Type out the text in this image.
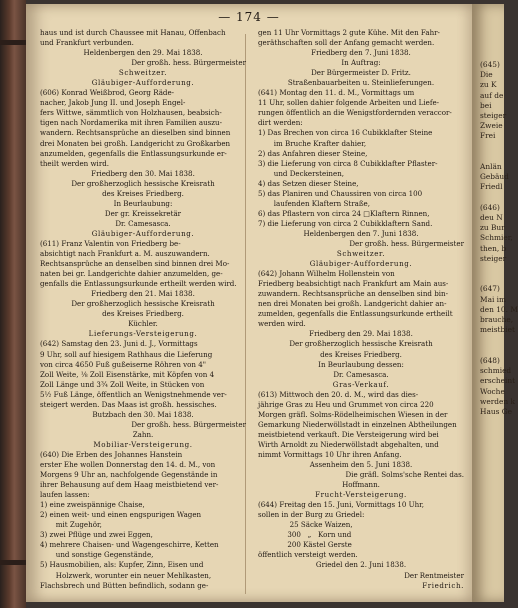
— 174 —

haus und ist durch Chaussee mit Hanau, Offenbach

und Frankfurt verbunden.

Heldenbergen den 29. Mai 1838.

Der großh. hess. Bürgermeister

Schweitzer.

Gläubiger-Aufforderung.

(606) Konrad Weißbrod, Georg Räde-

nacher, Jakob Jung II. und Joseph Engel-

fers Wittwe, sämmtlich von Holzhausen, beabsich-

tigen nach Nordamerika mit ihren Familien auszu-

wandern. Rechtsansprüche an dieselben sind binnen

drei Monaten bei großh. Landgericht zu Großkarben

anzumelden, gegenfalls die Entlassungsurkunde er-

theilt werden wird.

Friedberg den 30. Mai 1838.

Der großherzoglich hessische Kreisrath

des Kreises Friedberg.

In Beurlaubung:

Der gr. Kreissekretär

Dr. Camesasca.

Gläubiger-Aufforderung.

(611) Franz Valentin von Friedberg be-

absichtigt nach Frankfurt a. M. auszuwandern.

Rechtsansprüche an denselben sind binnen drei Mo-

naten bei gr. Landgerichte dahier anzumelden, ge-

genfalls die Entlassungsurkunde ertheilt werden wird.

Friedberg den 21. Mai 1838.

Der großherzoglich hessische Kreisrath

des Kreises Friedberg.

Küchler.

Lieferungs-Versteigerung.

(642) Samstag den 23. Juni d. J., Vormittags

9 Uhr, soll auf hiesigem Rathhaus die Lieferung

von circa 4650 Fuß gußeiserne Röhren von 4"

Zoll Weite, ⅛ Zoll Eisenstärke, mit Köpfen von 4

Zoll Länge und 3¾ Zoll Weite, in Stücken von

5½ Fuß Länge, öffentlich an Wenigstnehmende ver-

steigert werden. Das Maas ist großh. hessisches.

Butzbach den 30. Mai 1838.

Der großh. hess. Bürgermeister

Zahn.

Mobiliar-Versteigerung.

(640) Die Erben des Johannes Hanstein

erster Ehe wollen Donnerstag den 14. d. M., von

Morgens 9 Uhr an, nachfolgende Gegenstände in

ihrer Behausung auf dem Haag meistbietend ver-

laufen lassen:

1) eine zweispännige Chaise,

2) einen weit- und einen engspurigen Wagen

mit Zugehör,

3) zwei Pflüge und zwei Eggen,

4) mehrere Chaisen- und Wagengeschirre, Ketten

und sonstige Gegenstände,

5) Hausmobilien, als: Kupfer, Zinn, Eisen und

Holzwerk, worunter ein neuer Mehlkasten,

Flachsbrech und Bütten befindlich, sodann ge-

gen 11 Uhr Vormittags 2 gute Kühe. Mit den Fahr-

geräthschaften soll der Anfang gemacht werden.

Friedberg den 7. Juni 1838.

In Auftrag:

Der Bürgermeister D. Fritz.

Straßenbauarbeiten u. Steinlieferungen.

(641) Montag den 11. d. M., Vormittags um

11 Uhr, sollen dahier folgende Arbeiten und Liefe-

rungen öffentlich an die Wenigstfordernden veraccor-

dirt werden:

1) Das Brechen von circa 16 Cubikklafter Steine

im Bruche Krafter dahier,

2) das Anfahren dieser Steine,

3) die Lieferung von circa 8 Cubikklafter Pflaster-

und Deckersteinen,

4) das Setzen dieser Steine,

5) das Planiren und Chaussiren von circa 100

laufenden Klaftern Straße,

6) das Pflastern von circa 24 □Klaftern Rinnen,

7) die Lieferung von circa 2 Cubikklaftern Sand.

Heldenbergen den 7. Juni 1838.

Der großh. hess. Bürgermeister

Schweitzer.

Gläubiger-Aufforderung.

(642) Johann Wilhelm Hollenstein von

Friedberg beabsichtigt nach Frankfurt am Main aus-

zuwandern. Rechtsansprüche an denselben sind bin-

nen drei Monaten bei großh. Landgericht dahier an-

zumelden, gegenfalls die Entlassungsurkunde ertheilt

werden wird.

Friedberg den 29. Mai 1838.

Der großherzoglich hessische Kreisrath

des Kreises Friedberg.

In Beurlaubung dessen:

Dr. Camesasca.

Gras-Verkauf.

(613) Mittwoch den 20. d. M., wird das dies-

jährige Gras zu Heu und Grummet von circa 220

Morgen gräfl. Solms-Rödelheimischen Wiesen in der

Gemarkung Niederwöllstadt in einzelnen Abtheilungen

meistbietend verkauft. Die Versteigerung wird bei

Wirth Arnoldt zu Niederwöllstadt abgehalten, und

nimmt Vormittags 10 Uhr ihren Anfang.

Assenheim den 5. Juni 1838.

Die gräfl. Solms'sche Rentei das.

Hoffmann.

Frucht-Versteigerung.

(644) Freitag den 15. Juni, Vormittags 10 Uhr,

sollen in der Burg zu Griedel:

25 Säcke Waizen,

300   „   Korn und

200 Kästel Gerste

öffentlich versteigt werden.

Griedel den 2. Juni 1838.

Der Rentmeister

Friedrich.

(645)
Die
zu K
auf de
bei
steiger
Zweie
Frei

Anlän
Gebäud
Friedl

(646)
deu N
zu Bur
Schmier,
then, b
steiger

(647)
Mai im
den 10. M
brauche,
meistbiet

(648)
schmied
erscheint
Woche
werden k
Haus Ge
